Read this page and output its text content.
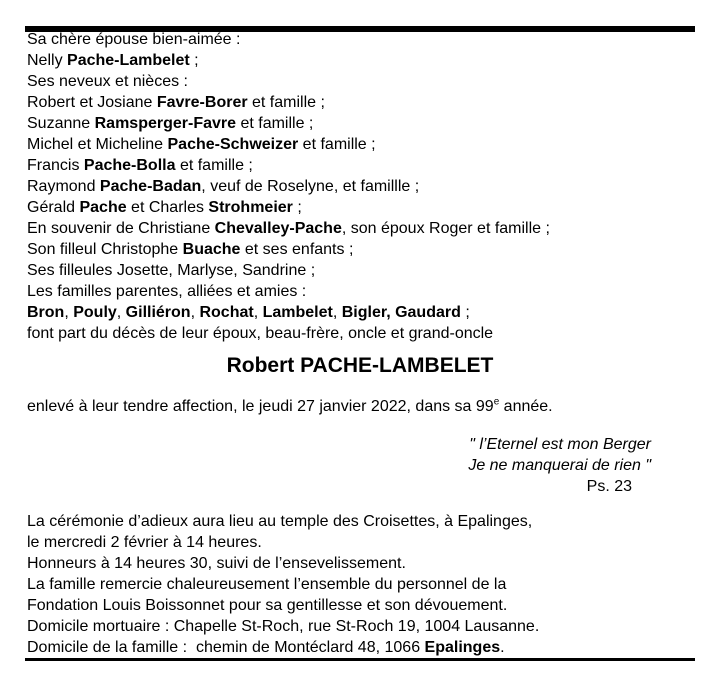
Sa chère épouse bien-aimée :
Nelly Pache-Lambelet ;
Ses neveux et nièces :
Robert et Josiane Favre-Borer et famille ;
Suzanne Ramsperger-Favre et famille ;
Michel et Micheline Pache-Schweizer et famille ;
Francis Pache-Bolla et famille ;
Raymond Pache-Badan, veuf de Roselyne, et famillle ;
Gérald Pache et Charles Strohmeier ;
En souvenir de Christiane Chevalley-Pache, son époux Roger et famille ;
Son filleul Christophe Buache et ses enfants ;
Ses filleules Josette, Marlyse, Sandrine ;
Les familles parentes, alliées et amies :
Bron, Pouly, Gilliéron, Rochat, Lambelet, Bigler, Gaudard ;
font part du décès de leur époux, beau-frère, oncle et grand-oncle
Robert PACHE-LAMBELET
enlevé à leur tendre affection, le jeudi 27 janvier 2022, dans sa 99e année.
" l’Eternel est mon Berger
Je ne manquerai de rien "
Ps. 23
La cérémonie d’adieux aura lieu au temple des Croisettes, à Epalinges,
le mercredi 2 février à 14 heures.
Honneurs à 14 heures 30, suivi de l’ensevelissement.
La famille remercie chaleureusement l’ensemble du personnel de la
Fondation Louis Boissonnet pour sa gentillesse et son dévouement.
Domicile mortuaire : Chapelle St-Roch, rue St-Roch 19, 1004 Lausanne.
Domicile de la famille :  chemin de Montéclard 48, 1066 Epalinges.
